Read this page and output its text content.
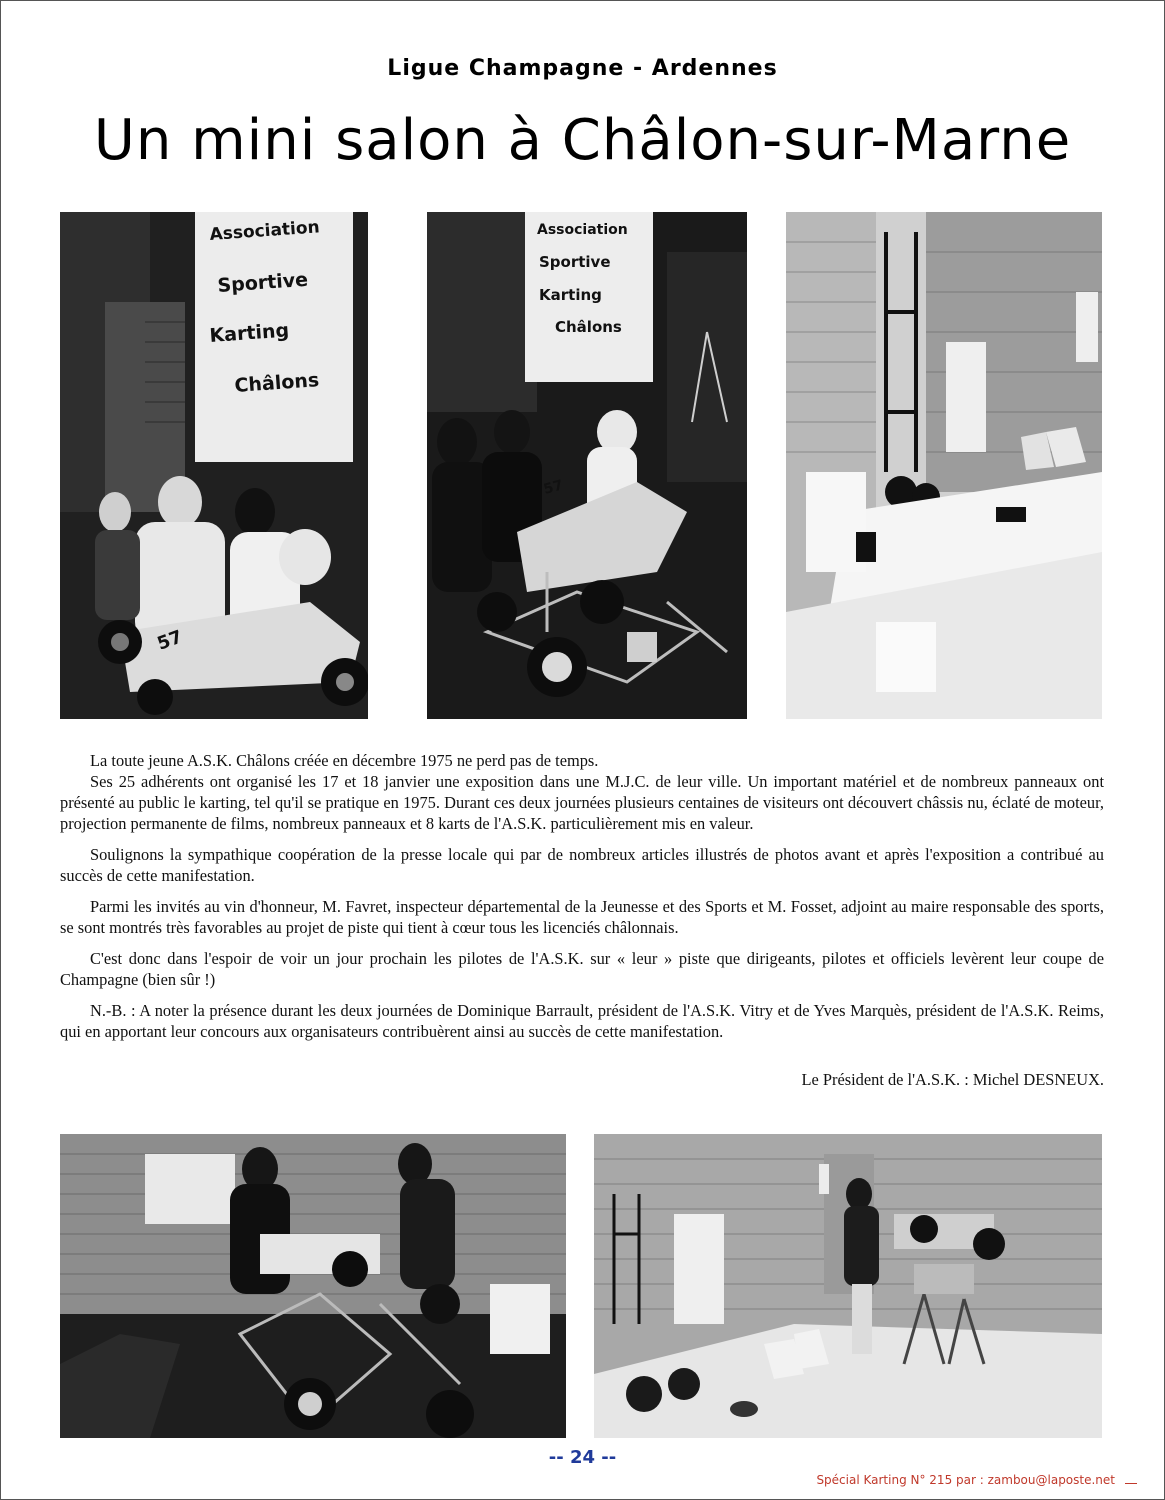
Ligue Champagne - Ardennes
Un mini salon à Châlon-sur-Marne
Association
Sportive
Karting
Châlons
57
Association
Sportive
Karting
Châlons
57

La toute jeune A.S.K. Châlons créée en décembre 1975 ne perd pas de temps.

Ses 25 adhérents ont organisé les 17 et 18 janvier une exposition dans une M.J.C. de leur ville. Un important matériel et de nombreux panneaux ont présenté au public le karting, tel qu'il se pratique en 1975. Durant ces deux journées plusieurs centaines de visiteurs ont découvert châssis nu, éclaté de moteur, projection permanente de films, nombreux panneaux et 8 karts de l'A.S.K. particulièrement mis en valeur.

Soulignons la sympathique coopération de la presse locale qui par de nombreux articles illustrés de photos avant et après l'exposition a contribué au succès de cette manifestation.

Parmi les invités au vin d'honneur, M. Favret, inspecteur départemental de la Jeunesse et des Sports et M. Fosset, adjoint au maire responsable des sports, se sont montrés très favorables au projet de piste qui tient à cœur tous les licenciés châlonnais.

C'est donc dans l'espoir de voir un jour prochain les pilotes de l'A.S.K. sur « leur » piste que dirigeants, pilotes et officiels levèrent leur coupe de Champagne (bien sûr !)

N.-B. : A noter la présence durant les deux journées de Dominique Barrault, président de l'A.S.K. Vitry et de Yves Marquès, président de l'A.S.K. Reims, qui en apportant leur concours aux organisateurs contribuèrent ainsi au succès de cette manifestation.

Le Président de l'A.S.K. : Michel DESNEUX.
-- 24 --
Spécial Karting N° 215 par : zambou@laposte.net
